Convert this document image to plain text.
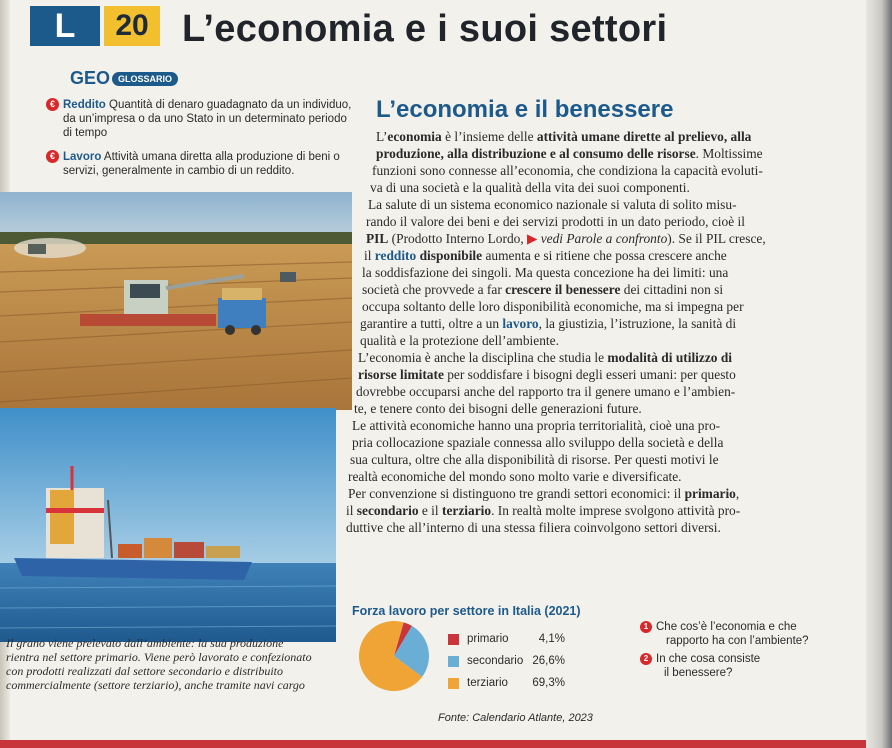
L	20 L’economia e i suoi settori
GEO GLOSSARIO
€ Reddito Quantità di denaro guadagnato da un individuo,
da un’impresa o da uno Stato in un determinato periodo
di tempo
€ Lavoro Attività umana diretta alla produzione di beni o
servizi, generalmente in cambio di un reddito.
L’economia e il benessere
Il grano viene prelevato dall’ambiente: la sua produzione
rientra nel settore primario. Viene però lavorato e confezionato
con prodotti realizzati dal settore secondario e distribuito
commercialmente (settore terziario), anche tramite navi cargo
L’economia è l’insieme delle attività umane dirette al prelievo, alla
produzione, alla distribuzione e al consumo delle risorse. Moltissime
funzioni sono connesse all’economia, che condiziona la capacità evoluti-
va di una società e la qualità della vita dei suoi componenti.
La salute di un sistema economico nazionale si valuta di solito misu-
rando il valore dei beni e dei servizi prodotti in un dato periodo, cioè il
PIL (Prodotto Interno Lordo, ▶ vedi Parole a confronto). Se il PIL cresce,
il reddito disponibile aumenta e si ritiene che possa crescere anche
la soddisfazione dei singoli. Ma questa concezione ha dei limiti: una
società che provvede a far crescere il benessere dei cittadini non si
occupa soltanto delle loro disponibilità economiche, ma si impegna per
garantire a tutti, oltre a un lavoro, la giustizia, l’istruzione, la sanità di
qualità e la protezione dell’ambiente.
L’economia è anche la disciplina che studia le modalità di utilizzo di
risorse limitate per soddisfare i bisogni degli esseri umani: per questo
dovrebbe occuparsi anche del rapporto tra il genere umano e l’ambien-
te, e tenere conto dei bisogni delle generazioni future.
Le attività economiche hanno una propria territorialità, cioè una pro-
pria collocazione spaziale connessa allo sviluppo della società e della
sua cultura, oltre che alla disponibilità di risorse. Per questi motivi le
realtà economiche del mondo sono molto varie e diversificate.
Per convenzione si distinguono tre grandi settori economici: il primario,
il secondario e il terziario. In realtà molte imprese svolgono attività pro-
duttive che all’interno di una stessa filiera coinvolgono settori diversi.
Forza lavoro per settore in Italia (2021)
primario	4,1%
secondario 26,6%
terziario	69,3%
Fonte: Calendario Atlante, 2023
1 Che cos’è l’economia e che
rapporto ha con l’ambiente?
2 In che cosa consiste
il benessere?
